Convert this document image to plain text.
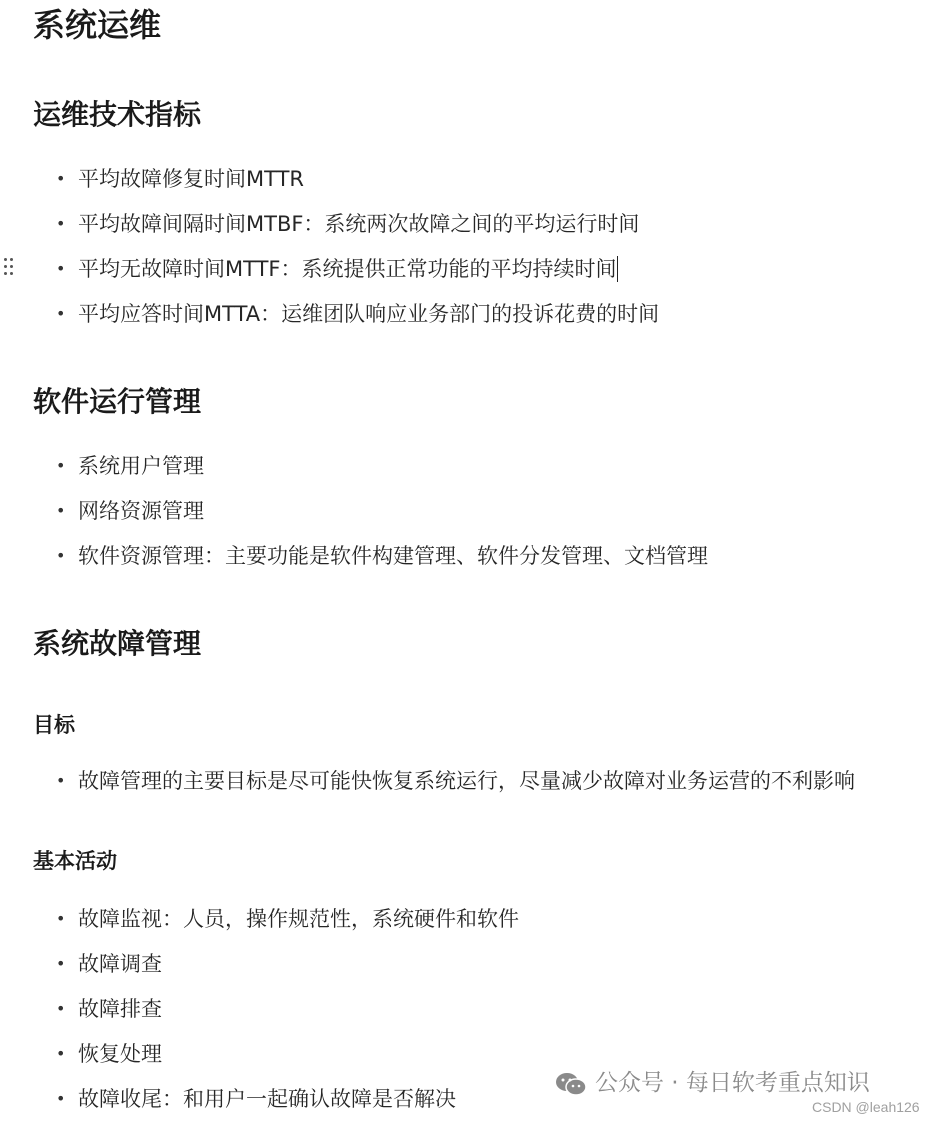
系统运维
运维技术指标
• 平均故障修复时间MTTR
• 平均故障间隔时间MTBF：系统两次故障之间的平均运行时间
• 平均无故障时间MTTF：系统提供正常功能的平均持续时间
• 平均应答时间MTTA：运维团队响应业务部门的投诉花费的时间
软件运行管理
• 系统用户管理
• 网络资源管理
• 软件资源管理：主要功能是软件构建管理、软件分发管理、文档管理
系统故障管理
目标
• 故障管理的主要目标是尽可能快恢复系统运行，尽量减少故障对业务运营的不利影响
基本活动
• 故障监视：人员，操作规范性，系统硬件和软件
• 故障调查
• 故障排查
• 恢复处理
• 故障收尾：和用户一起确认故障是否解决
公众号 · 每日软考重点知识
CSDN @leah126
